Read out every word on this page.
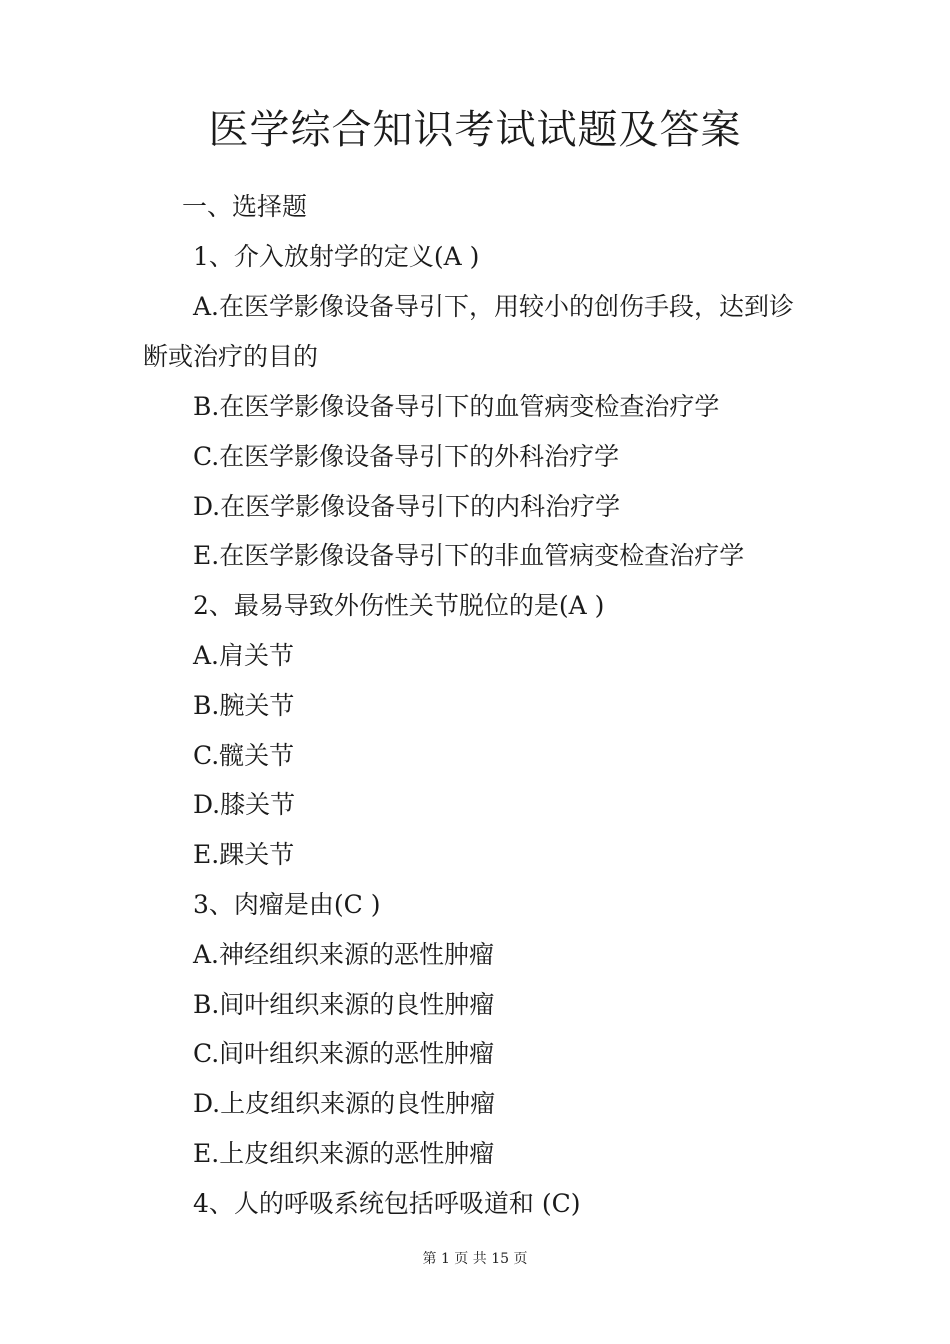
医学综合知识考试试题及答案
一、选择题
1、介入放射学的定义(A )
A.在医学影像设备导引下，用较小的创伤手段，达到诊
断或治疗的目的
B.在医学影像设备导引下的血管病变检查治疗学
C.在医学影像设备导引下的外科治疗学
D.在医学影像设备导引下的内科治疗学
E.在医学影像设备导引下的非血管病变检查治疗学
2、最易导致外伤性关节脱位的是(A )
A.肩关节
B.腕关节
C.髋关节
D.膝关节
E.踝关节
3、肉瘤是由(C )
A.神经组织来源的恶性肿瘤
B.间叶组织来源的良性肿瘤
C.间叶组织来源的恶性肿瘤
D.上皮组织来源的良性肿瘤
E.上皮组织来源的恶性肿瘤
4、人的呼吸系统包括呼吸道和 (C)
第 1 页 共 15 页
